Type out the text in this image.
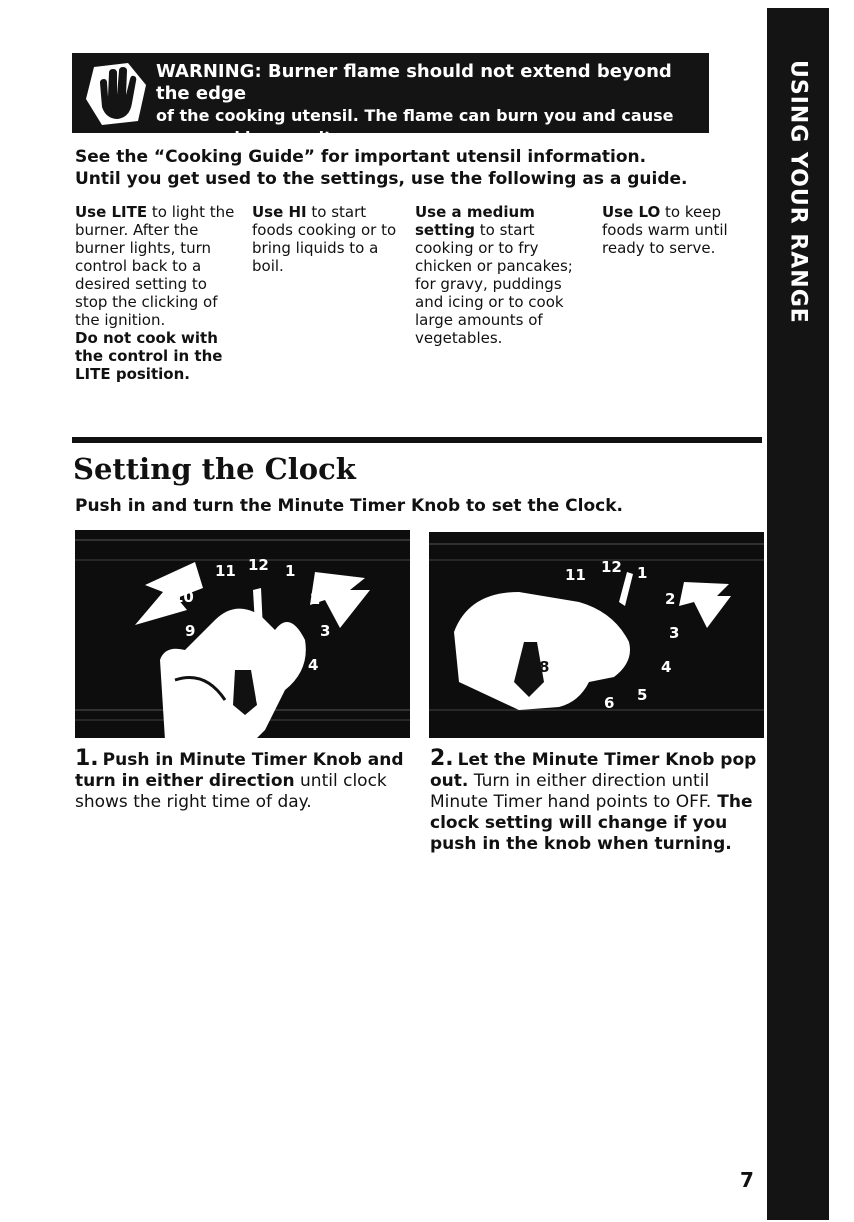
USING YOUR RANGE
WARNING: Burner flame should not extend beyond the edge
of the cooking utensil. The flame can burn you and cause
poor cooking results.
See the “Cooking Guide” for important utensil information.
Until you get used to the settings, use the following as a guide.
Use LITE to light the burner. After the burner lights, turn control back to a desired setting to stop the clicking of the ignition.
Do not cook with the control in the LITE position.
Use HI to start foods cooking or to bring liquids to a boil.
Use a medium setting to start cooking or to fry chicken or pancakes; for gravy, puddings and icing or to cook large amounts of vegetables.
Use LO to keep foods warm until ready to serve.
Setting the Clock
Push in and turn the Minute Timer Knob to set the Clock.
10
11 12 1
2
3
4
6
9
11 12 1
2
3
4
5
6
8
1. Push in Minute Timer Knob and turn in either direction until clock shows the right time of day.
2. Let the Minute Timer Knob pop out. Turn in either direction until Minute Timer hand points to OFF. The clock setting will change if you push in the knob when turning.
7
